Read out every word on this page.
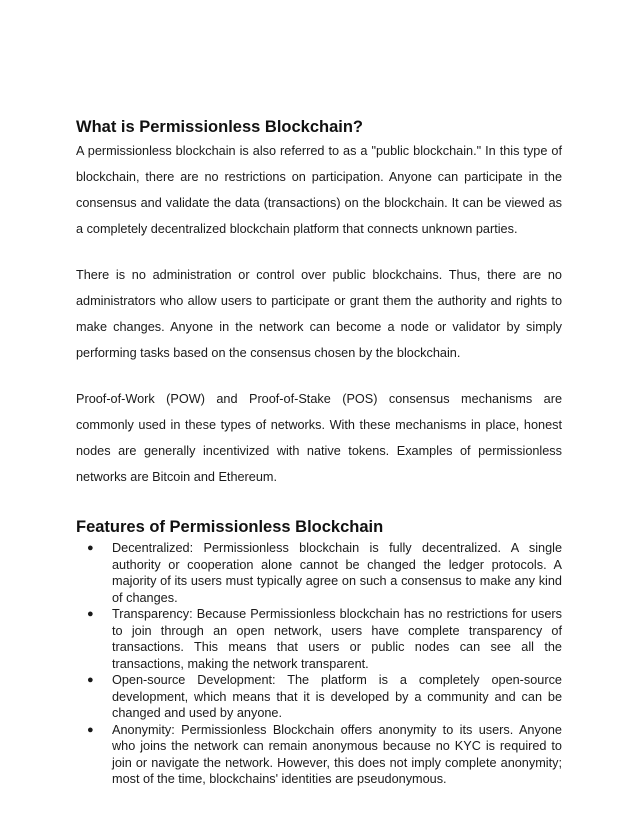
What is Permissionless Blockchain?

A permissionless blockchain is also referred to as a "public blockchain." In this type of blockchain, there are no restrictions on participation. Anyone can participate in the consensus and validate the data (transactions) on the blockchain. It can be viewed as a completely decentralized blockchain platform that connects unknown parties.

There is no administration or control over public blockchains. Thus, there are no administrators who allow users to participate or grant them the authority and rights to make changes. Anyone in the network can become a node or validator by simply performing tasks based on the consensus chosen by the blockchain.

Proof-of-Work (POW) and Proof-of-Stake (POS) consensus mechanisms are commonly used in these types of networks. With these mechanisms in place, honest nodes are generally incentivized with native tokens. Examples of permissionless networks are Bitcoin and Ethereum.

Features of Permissionless Blockchain
● Decentralized: Permissionless blockchain is fully decentralized. A single authority or cooperation alone cannot be changed the ledger protocols. A majority of its users must typically agree on such a consensus to make any kind of changes.
● Transparency: Because Permissionless blockchain has no restrictions for users to join through an open network, users have complete transparency of transactions. This means that users or public nodes can see all the transactions, making the network transparent.
● Open-source Development: The platform is a completely open-source development, which means that it is developed by a community and can be changed and used by anyone.
● Anonymity: Permissionless Blockchain offers anonymity to its users. Anyone who joins the network can remain anonymous because no KYC is required to join or navigate the network. However, this does not imply complete anonymity; most of the time, blockchains' identities are pseudonymous.
